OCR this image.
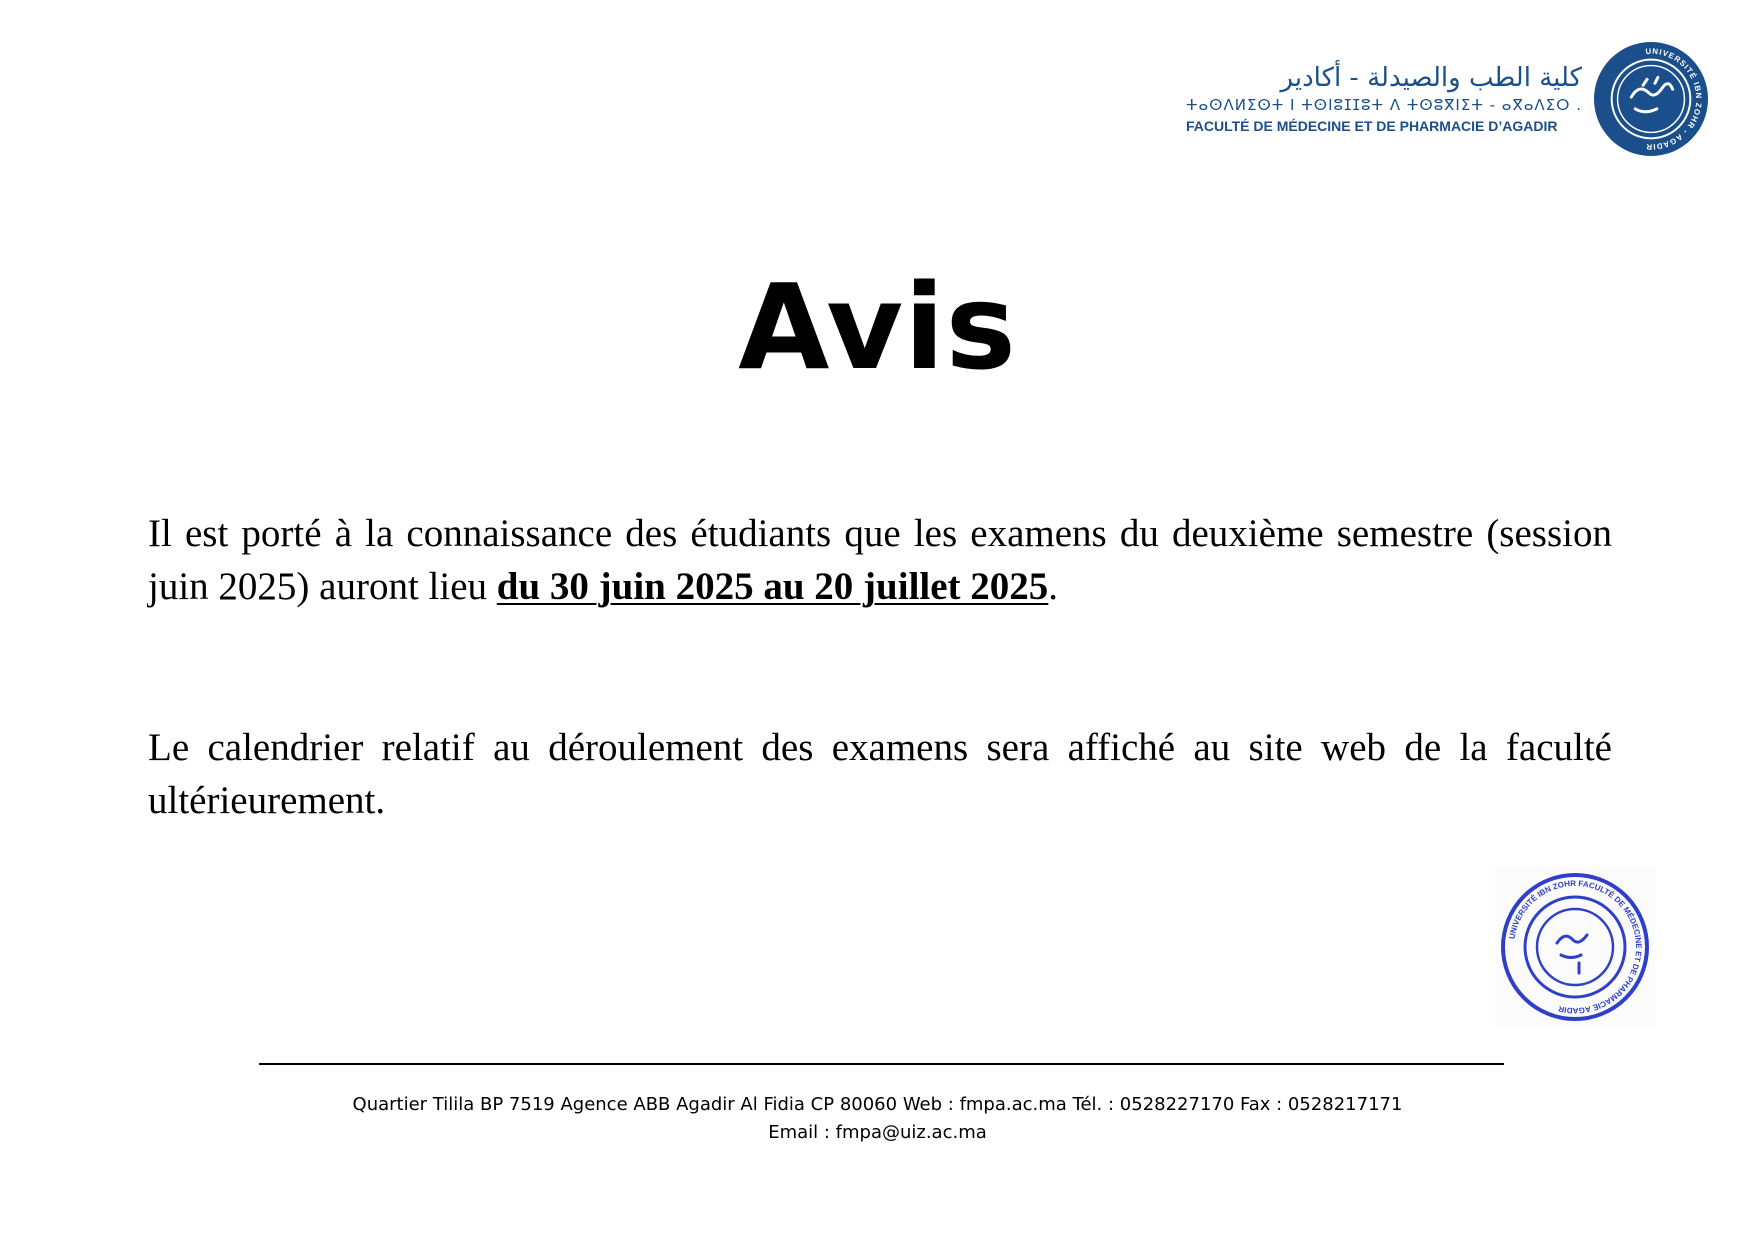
كلية الطب والصيدلة - أكادير
ⵜⴰⵙⴷⵍⵉⵙⵜ ⵏ ⵜⵙⵏⵓⵊⵊⵓⵜ ⴷ ⵜⵙⵓⴳⵏⵉⵜ - ⴰⴳⴰⴷⵉⵔ .
FACULTÉ DE MÉDECINE ET DE PHARMACIE D’AGADIR
UNIVERSITÉ IBN ZOHR - AGADIR
Avis
Il est porté à la connaissance des étudiants que les examens du deuxième semestre (session juin 2025) auront lieu du 30 juin 2025 au 20 juillet 2025.
Le calendrier relatif au déroulement des examens sera affiché au site web de la faculté ultérieurement.
UNIVERSITÉ IBN ZOHR FACULTÉ DE MÉDECINE ET DE PHARMACIE AGADIR
Quartier Tilila BP 7519 Agence ABB Agadir Al Fidia CP 80060 Web : fmpa.ac.ma Tél. : 0528227170 Fax : 0528217171
Email : fmpa@uiz.ac.ma
